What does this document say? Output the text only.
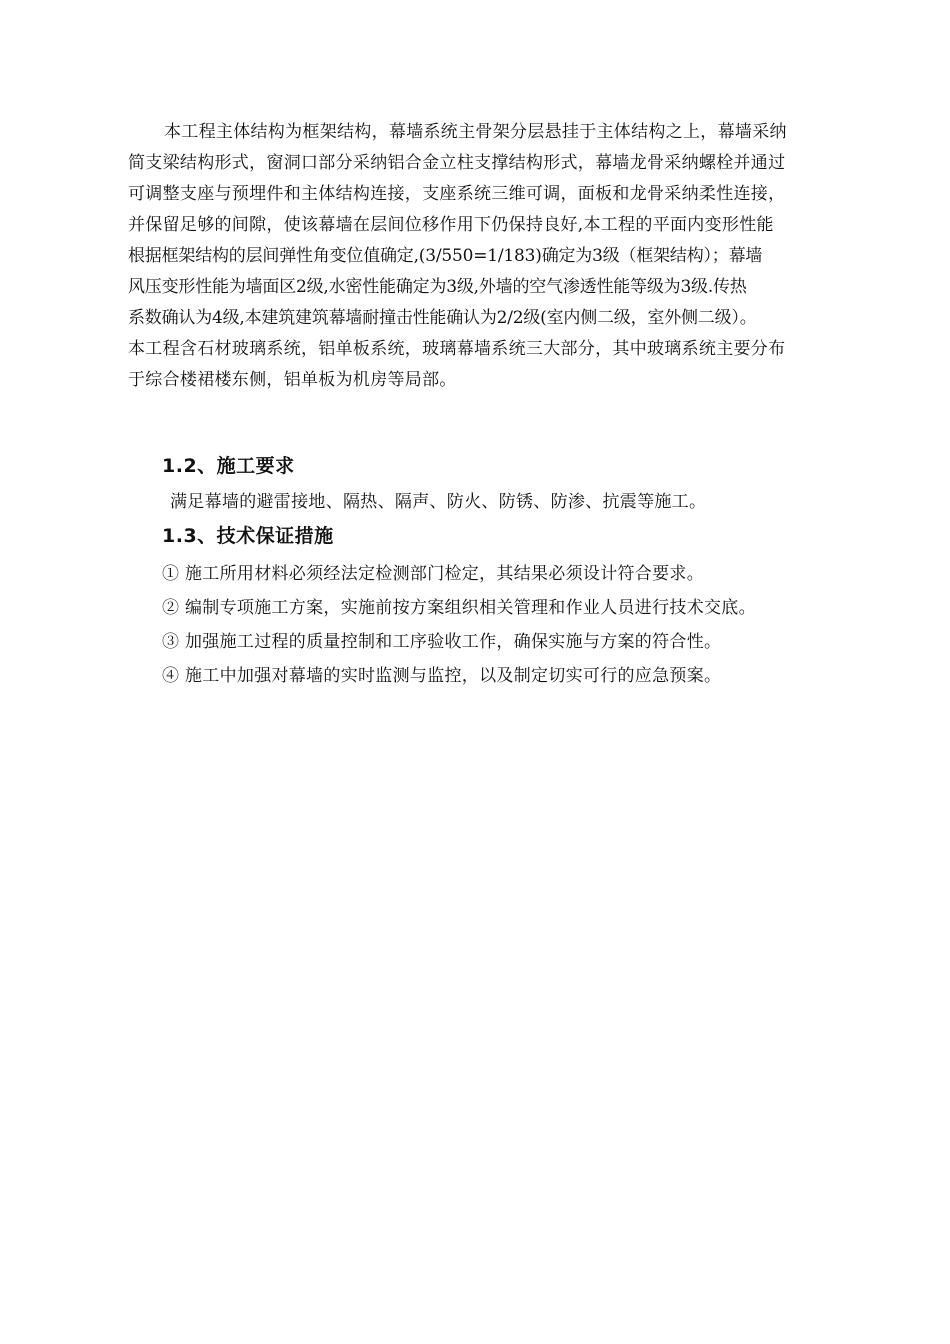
本工程主体结构为框架结构，幕墙系统主骨架分层悬挂于主体结构之上，幕墙采纳
简支梁结构形式，窗洞口部分采纳铝合金立柱支撑结构形式，幕墙龙骨采纳螺栓并通过
可调整支座与预埋件和主体结构连接，支座系统三维可调，面板和龙骨采纳柔性连接，
并保留足够的间隙，使该幕墙在层间位移作用下仍保持良好,本工程的平面内变形性能
根据框架结构的层间弹性角变位值确定,(3/550=1/183)确定为3级（框架结构）；幕墙
风压变形性能为墙面区2级,水密性能确定为3级,外墙的空气渗透性能等级为3级.传热
系数确认为4级,本建筑建筑幕墙耐撞击性能确认为2/2级(室内侧二级，室外侧二级）。
本工程含石材玻璃系统，铝单板系统，玻璃幕墙系统三大部分，其中玻璃系统主要分布
于综合楼裙楼东侧，铝单板为机房等局部。
1.2、施工要求
满足幕墙的避雷接地、隔热、隔声、防火、防锈、防渗、抗震等施工。
1.3、技术保证措施
① 施工所用材料必须经法定检测部门检定，其结果必须设计符合要求。
② 编制专项施工方案，实施前按方案组织相关管理和作业人员进行技术交底。
③ 加强施工过程的质量控制和工序验收工作，确保实施与方案的符合性。
④ 施工中加强对幕墙的实时监测与监控，以及制定切实可行的应急预案。
